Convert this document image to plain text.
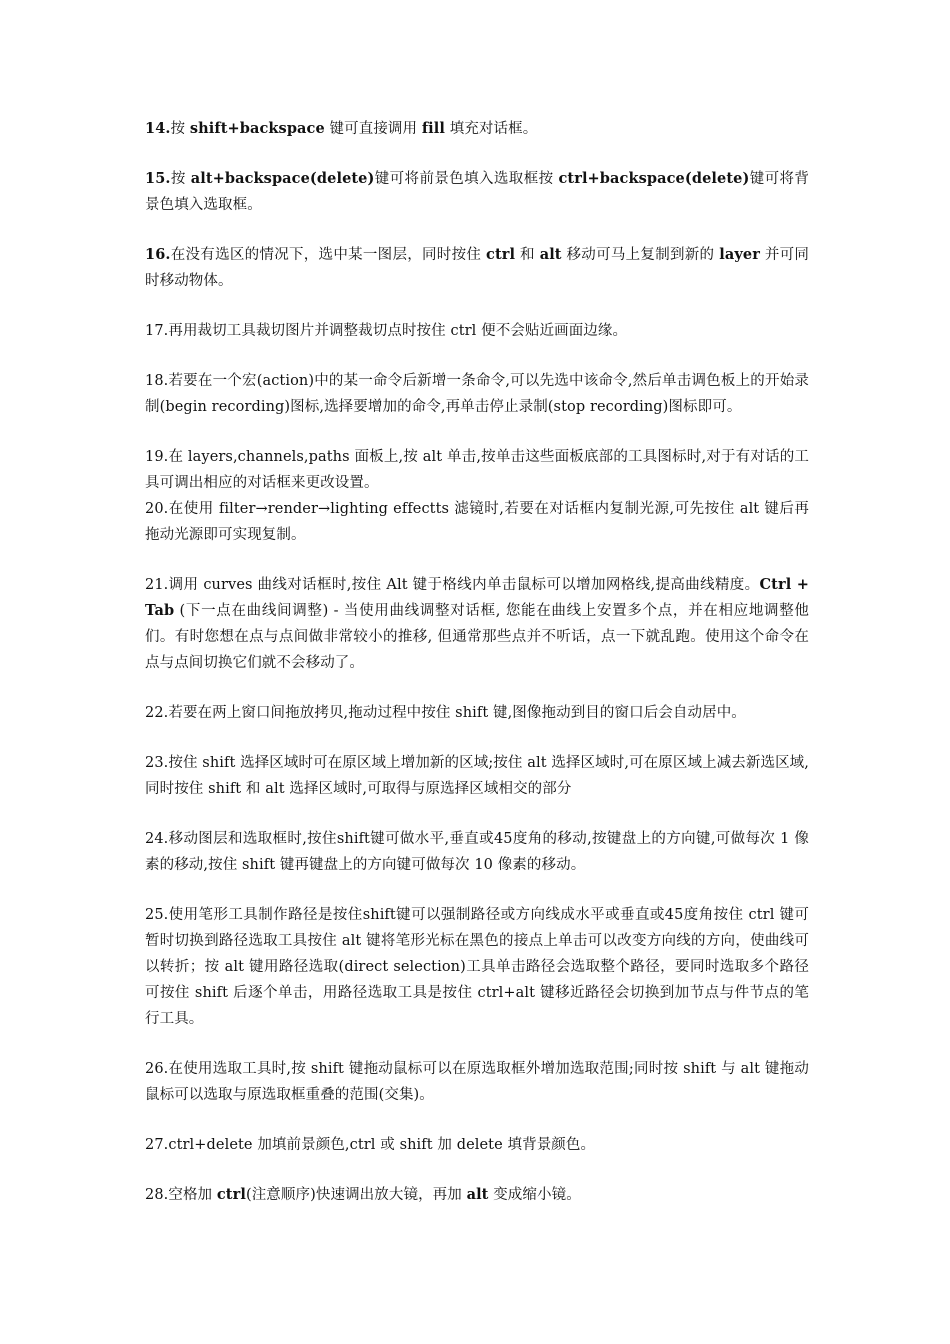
14.按 shift+backspace 键可直接调用 fill 填充对话框。

15.按 alt+backspace(delete)键可将前景色填入选取框按 ctrl+backspace(delete)键可将背景色填入选取框。

16.在没有选区的情况下，选中某一图层，同时按住 ctrl 和 alt 移动可马上复制到新的 layer 并可同时移动物体。

17.再用裁切工具裁切图片并调整裁切点时按住 ctrl 便不会贴近画面边缘。

18.若要在一个宏(action)中的某一命令后新增一条命令,可以先选中该命令,然后单击调色板上的开始录制(begin recording)图标,选择要增加的命令,再单击停止录制(stop recording)图标即可。

19.在 layers,channels,paths 面板上,按 alt 单击,按单击这些面板底部的工具图标时,对于有对话的工具可调出相应的对话框来更改设置。

20.在使用 filter→render→lighting effectts 滤镜时,若要在对话框内复制光源,可先按住 alt 键后再拖动光源即可实现复制。

21.调用 curves 曲线对话框时,按住 Alt 键于格线内单击鼠标可以增加网格线,提高曲线精度。Ctrl + Tab (下一点在曲线间调整) - 当使用曲线调整对话框, 您能在曲线上安置多个点，并在相应地调整他们。有时您想在点与点间做非常较小的推移, 但通常那些点并不听话，点一下就乱跑。使用这个命令在点与点间切换它们就不会移动了。

22.若要在两上窗口间拖放拷贝,拖动过程中按住 shift 键,图像拖动到目的窗口后会自动居中。

23.按住 shift 选择区域时可在原区域上增加新的区域;按住 alt 选择区域时,可在原区域上减去新选区域,同时按住 shift 和 alt 选择区域时,可取得与原选择区域相交的部分

24.移动图层和选取框时,按住shift键可做水平,垂直或45度角的移动,按键盘上的方向键,可做每次 1 像素的移动,按住 shift 键再键盘上的方向键可做每次 10 像素的移动。

25.使用笔形工具制作路径是按住shift键可以强制路径或方向线成水平或垂直或45度角按住 ctrl 键可暂时切换到路径选取工具按住 alt 键将笔形光标在黑色的接点上单击可以改变方向线的方向，使曲线可以转折；按 alt 键用路径选取(direct selection)工具单击路径会选取整个路径，要同时选取多个路径可按住 shift 后逐个单击，用路径选取工具是按住 ctrl+alt 键移近路径会切换到加节点与件节点的笔行工具。

26.在使用选取工具时,按 shift 键拖动鼠标可以在原选取框外增加选取范围;同时按 shift 与 alt 键拖动鼠标可以选取与原选取框重叠的范围(交集)。

27.ctrl+delete 加填前景颜色,ctrl 或 shift 加 delete 填背景颜色。

28.空格加 ctrl(注意顺序)快速调出放大镜，再加 alt 变成缩小镜。
